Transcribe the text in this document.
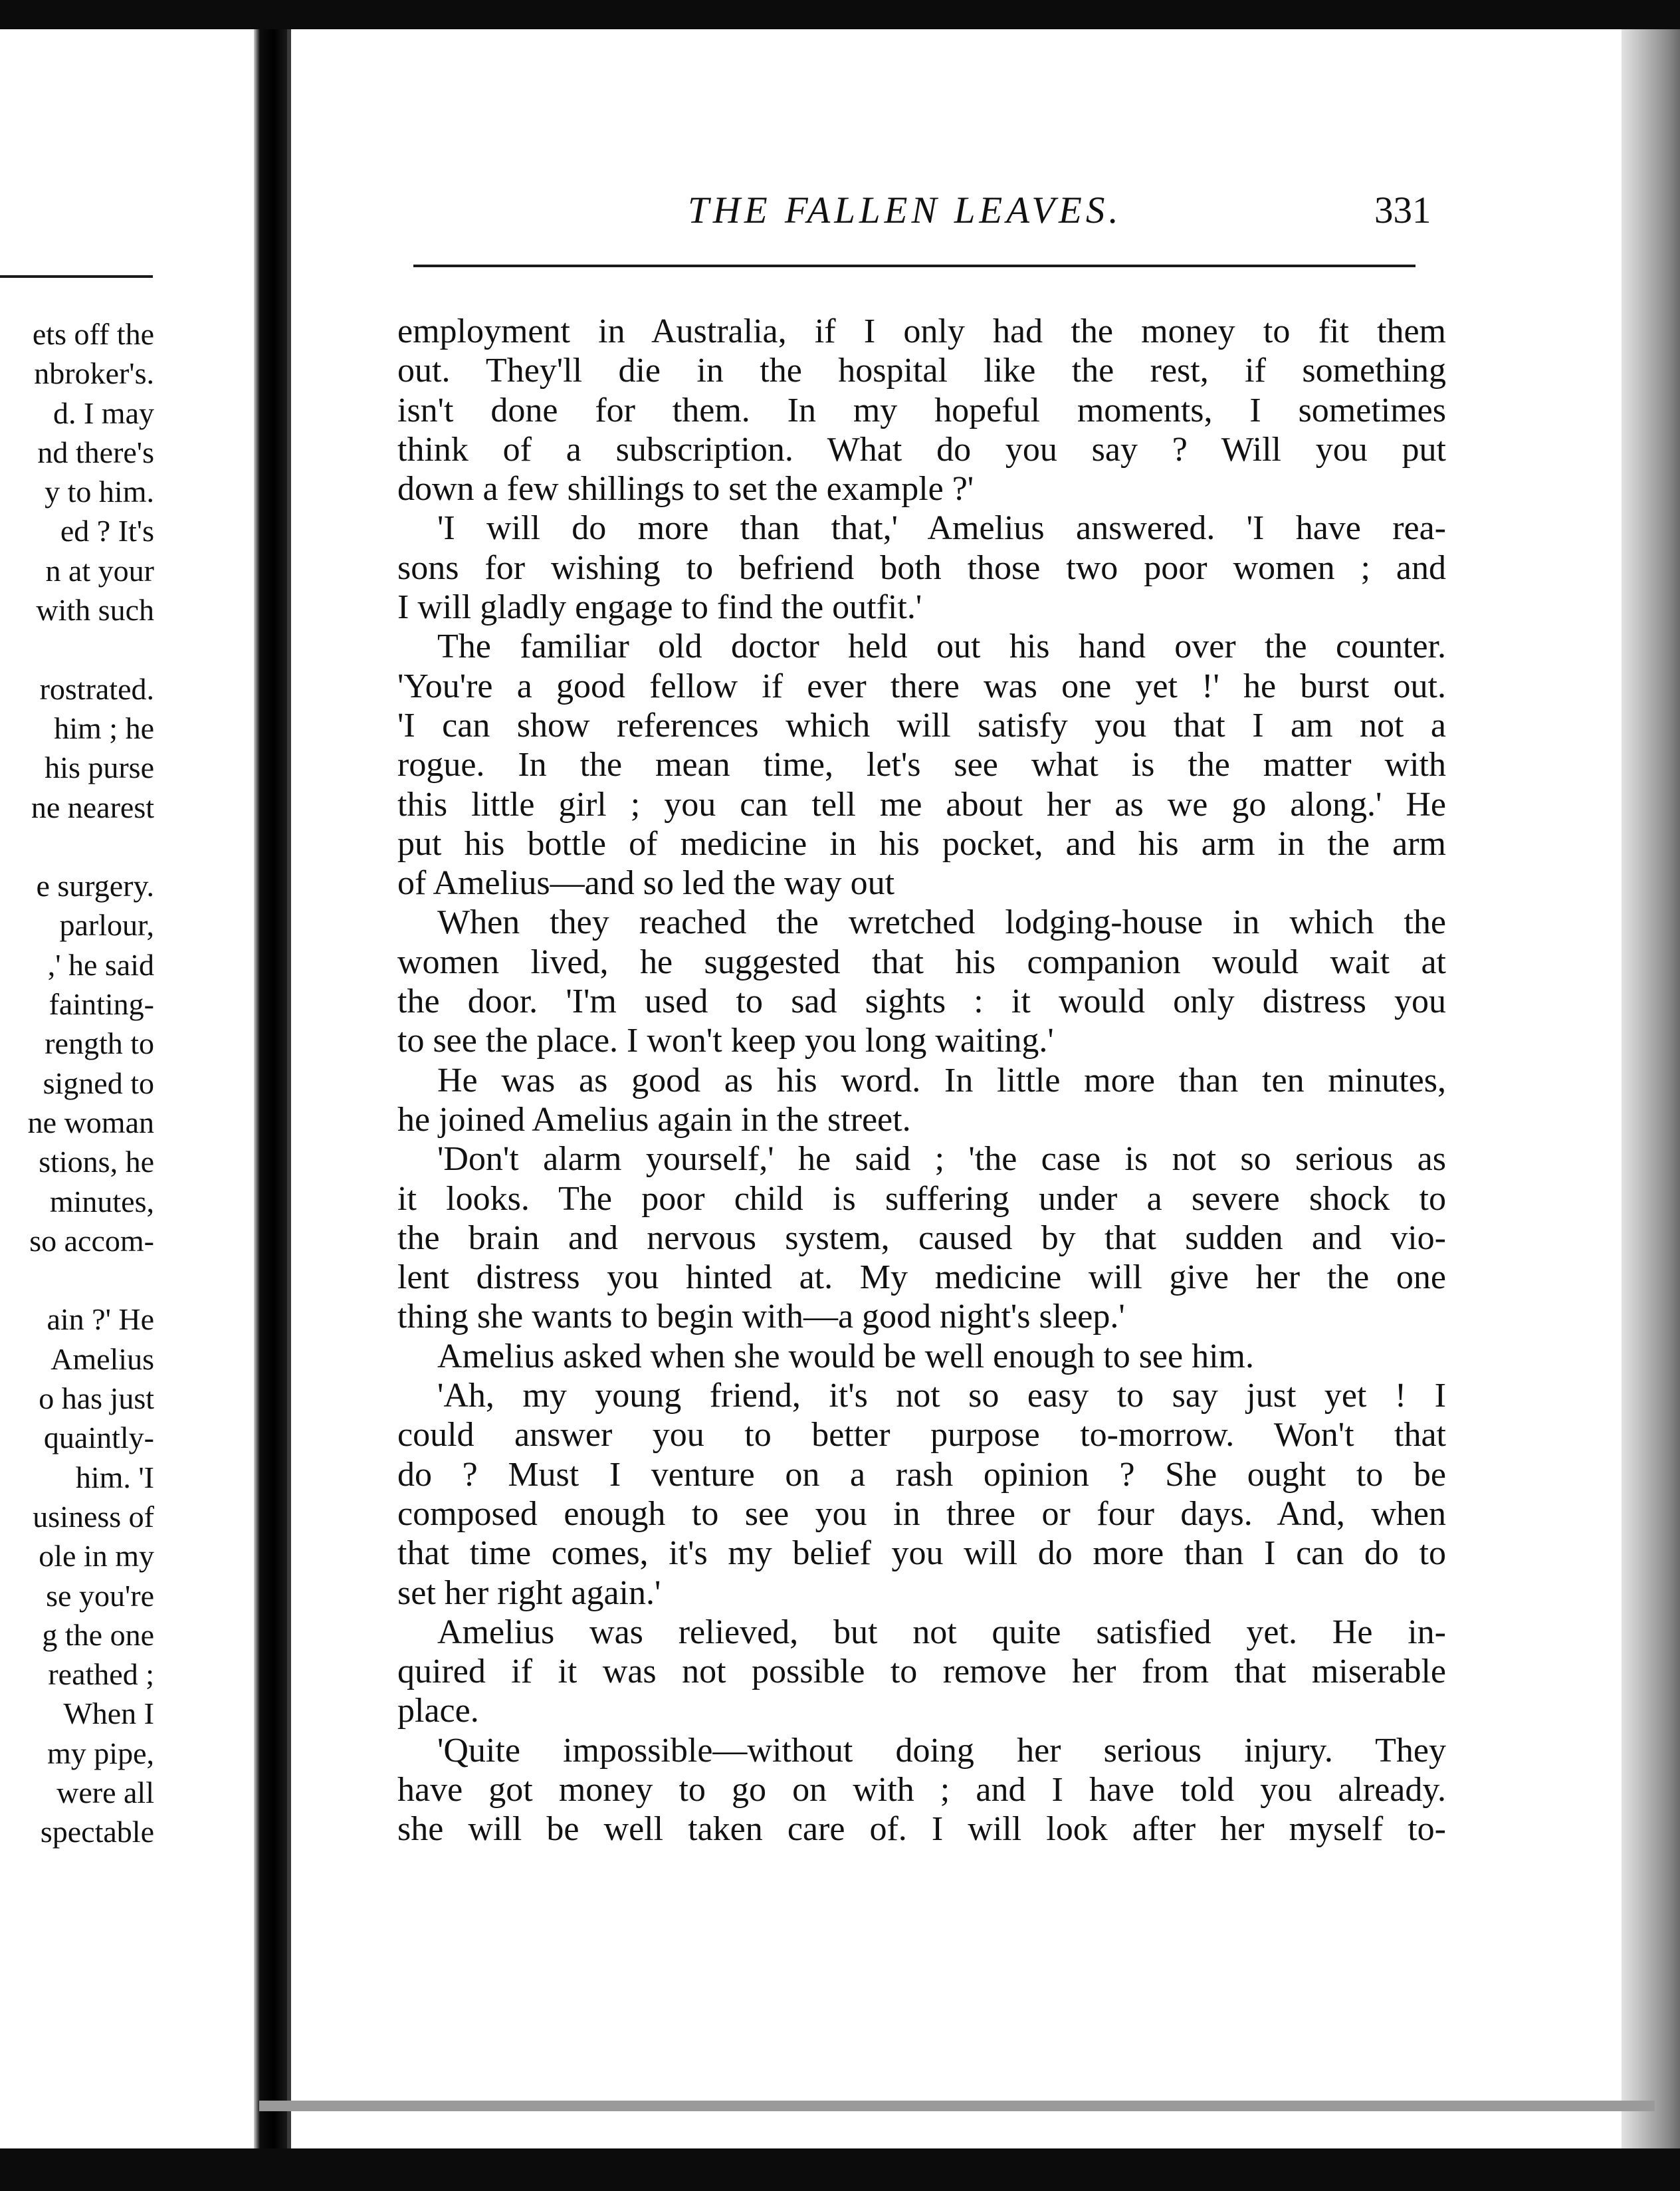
ets off the
nbroker's.
d. I may
nd there's
y to him.
ed ? It's
n at your
with such
rostrated.
him ; he
his purse
ne nearest
e surgery.
parlour,
,' he said
fainting-
rength to
signed to
ne woman
stions, he
minutes,
so accom-
ain ?' He
Amelius
o has just
quaintly-
him. 'I
usiness of
ole in my
se you're
g the one
reathed ;
When I
my pipe,
were all
spectable
THE FALLEN LEAVES.	331
employment in Australia, if I only had the money to fit them
out. They'll die in the hospital like the rest, if something
isn't done for them. In my hopeful moments, I sometimes
think of a subscription. What do you say ? Will you put
down a few shillings to set the example ?'
'I will do more than that,' Amelius answered. 'I have rea-
sons for wishing to befriend both those two poor women ; and
I will gladly engage to find the outfit.'
The familiar old doctor held out his hand over the counter.
'You're a good fellow if ever there was one yet !' he burst out.
'I can show references which will satisfy you that I am not a
rogue. In the mean time, let's see what is the matter with
this little girl ; you can tell me about her as we go along.' He
put his bottle of medicine in his pocket, and his arm in the arm
of Amelius—and so led the way out
When they reached the wretched lodging-house in which the
women lived, he suggested that his companion would wait at
the door. 'I'm used to sad sights : it would only distress you
to see the place. I won't keep you long waiting.'
He was as good as his word. In little more than ten minutes,
he joined Amelius again in the street.
'Don't alarm yourself,' he said ; 'the case is not so serious as
it looks. The poor child is suffering under a severe shock to
the brain and nervous system, caused by that sudden and vio-
lent distress you hinted at. My medicine will give her the one
thing she wants to begin with—a good night's sleep.'
Amelius asked when she would be well enough to see him.
'Ah, my young friend, it's not so easy to say just yet ! I
could answer you to better purpose to-morrow. Won't that
do ? Must I venture on a rash opinion ? She ought to be
composed enough to see you in three or four days. And, when
that time comes, it's my belief you will do more than I can do to
set her right again.'
Amelius was relieved, but not quite satisfied yet. He in-
quired if it was not possible to remove her from that miserable
place.
'Quite impossible—without doing her serious injury. They
have got money to go on with ; and I have told you already.
she will be well taken care of. I will look after her myself to-
